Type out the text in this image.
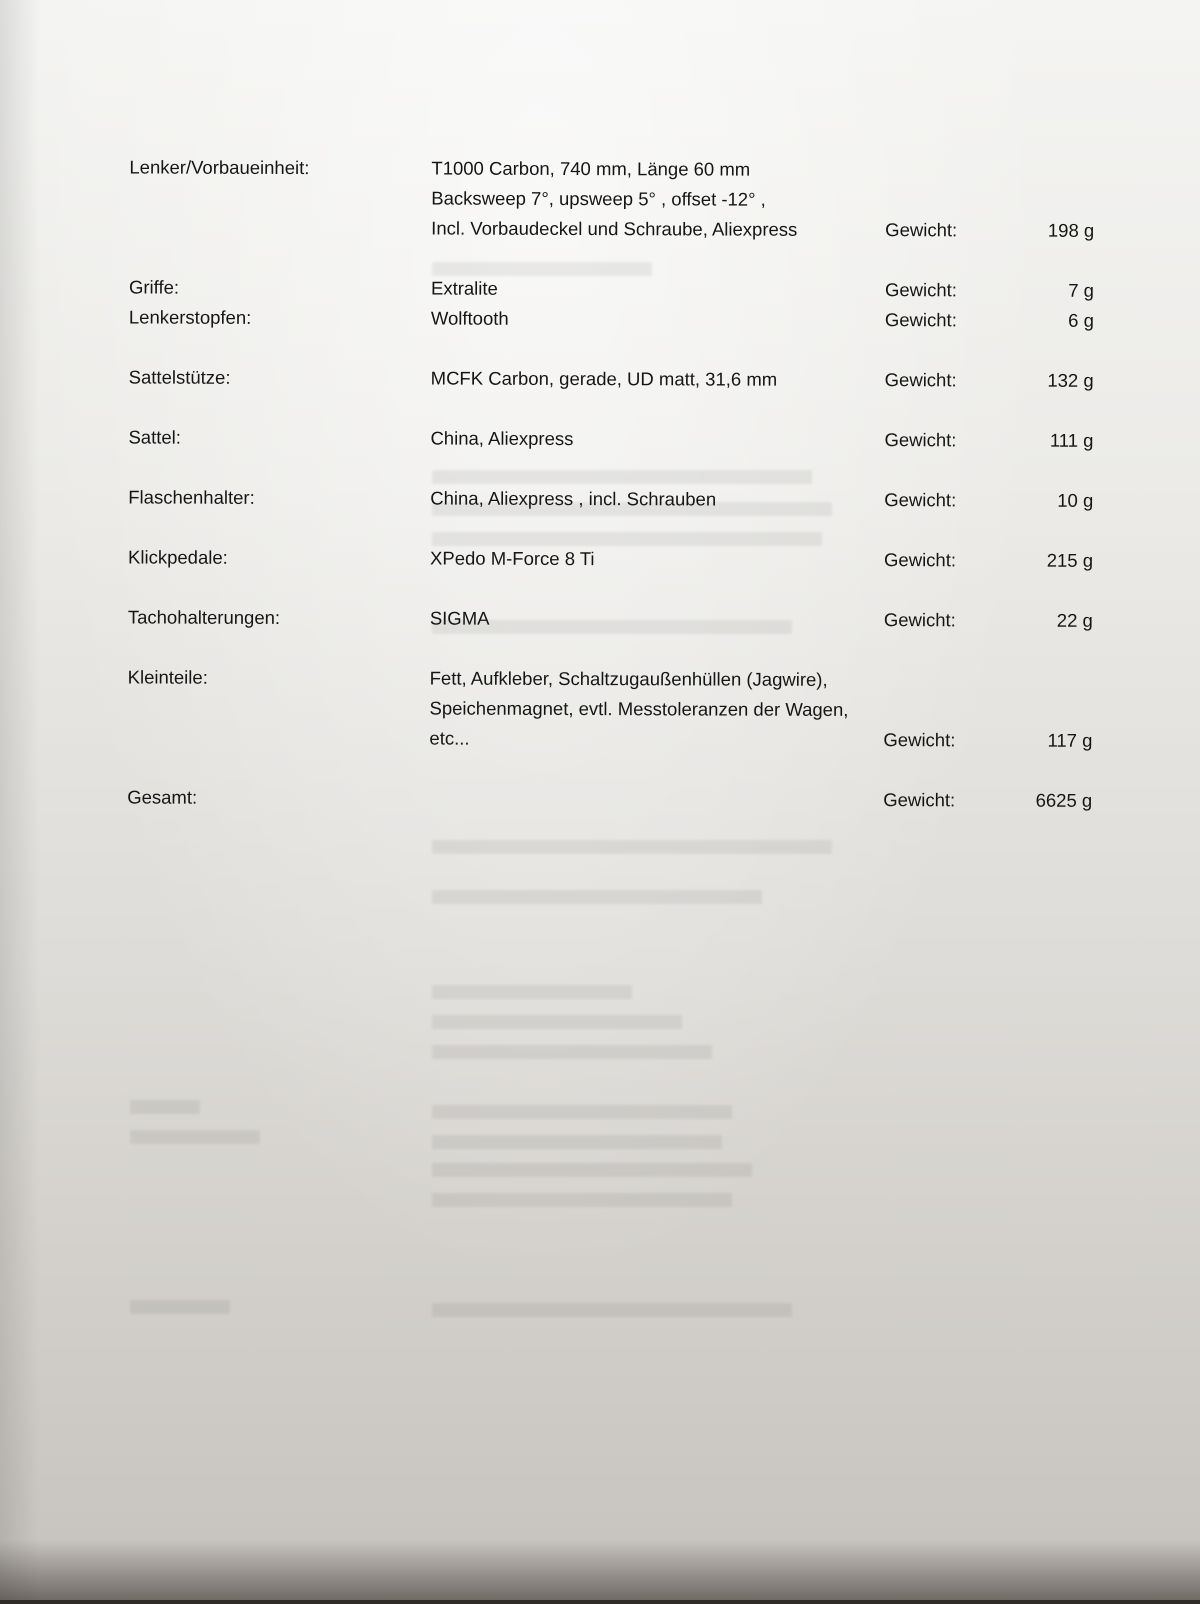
Lenker/Vorbaueinheit:	T1000 Carbon, 740 mm, Länge 60 mm
Backsweep 7°, upsweep 5° , offset -12° ,
Incl. Vorbaudeckel und Schraube, Aliexpress	Gewicht:	198 g
Griffe:	Extralite	Gewicht:	7 g
Lenkerstopfen:	Wolftooth	Gewicht:	6 g
Sattelstütze:	MCFK Carbon, gerade, UD matt, 31,6 mm	Gewicht:	132 g
Sattel:	China, Aliexpress	Gewicht:	111 g
Flaschenhalter:	China, Aliexpress , incl. Schrauben	Gewicht:	10 g
Klickpedale:	XPedo M-Force 8 Ti	Gewicht:	215 g
Tachohalterungen:	SIGMA	Gewicht:	22 g
Kleinteile:	Fett, Aufkleber, Schaltzugaußenhüllen (Jagwire),
Speichenmagnet, evtl. Messtoleranzen der Wagen,
etc...	Gewicht:	117 g
Gesamt:	Gewicht:	6625 g
